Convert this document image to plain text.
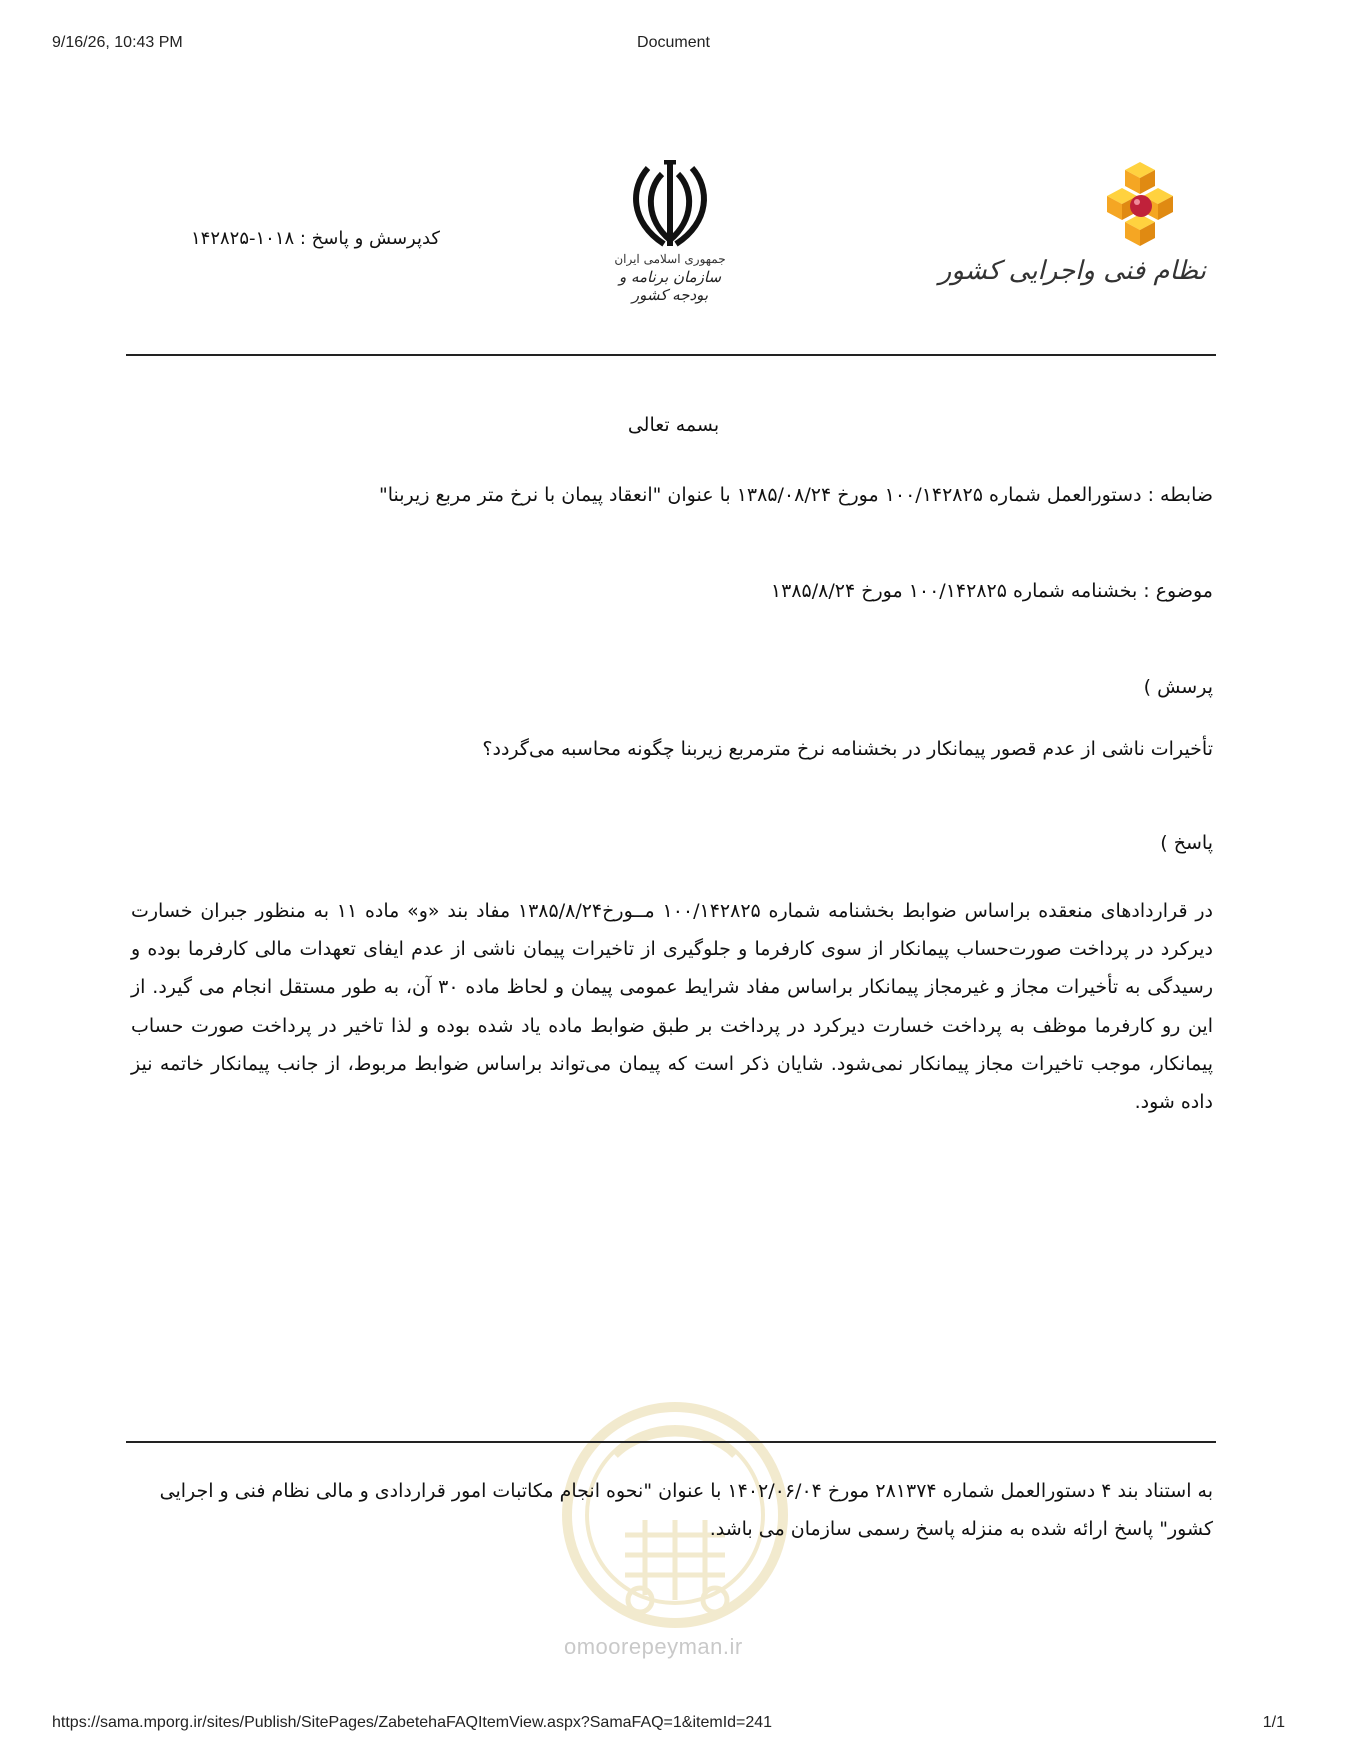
9/16/26, 10:43 PM	Document
نظام فنی واجرایی کشور
جمهوری اسلامی ایران
سازمان برنامه و بودجه کشور
کدپرسش و پاسخ : ۱۰۱۸-۱۴۲۸۲۵
بسمه تعالی
ضابطه : دستورالعمل شماره ۱۰۰/۱۴۲۸۲۵ مورخ ۱۳۸۵/۰۸/۲۴ با عنوان "انعقاد پیمان با نرخ متر مربع زیربنا"
موضوع : بخشنامه شماره ۱۰۰/۱۴۲۸۲۵ مورخ ۱۳۸۵/۸/۲۴
پرسش )
تأخیرات ناشی از عدم قصور پیمانکار در بخشنامه نرخ مترمربع زیربنا چگونه محاسبه می‌گردد؟
پاسخ )
در قراردادهای منعقده براساس ضوابط بخشنامه شماره ۱۰۰/۱۴۲۸۲۵ مــورخ۱۳۸۵/۸/۲۴ مفاد بند «و» ماده ۱۱ به منظور جبران خسارت دیرکرد در پرداخت صورت‌حساب پیمانکار از سوی کارفرما و جلوگیری از تاخیرات پیمان ناشی از عدم ایفای تعهدات مالی کارفرما بوده و رسیدگی به تأخیرات مجاز و غیرمجاز پیمانکار براساس مفاد شرایط عمومی پیمان و لحاظ ماده ۳۰ آن، به طور مستقل انجام می گیرد. از این رو کارفرما موظف به پرداخت خسارت دیرکرد در پرداخت بر طبق ضوابط ماده یاد شده بوده و لذا تاخیر در پرداخت صورت حساب پیمانکار، موجب تاخیرات مجاز پیمانکار نمی‌شود. شایان ذکر است که پیمان می‌تواند براساس ضوابط مربوط، از جانب پیمانکار خاتمه نیز داده شود.
omoorepeyman.ir
به استناد بند ۴ دستورالعمل شماره ۲۸۱۳۷۴ مورخ ۱۴۰۲/۰۶/۰۴ با عنوان "نحوه انجام مکاتبات امور قراردادی و مالی نظام فنی و اجرایی کشور" پاسخ ارائه شده به منزله پاسخ رسمی سازمان می باشد.
https://sama.mporg.ir/sites/Publish/SitePages/ZabetehaFAQItemView.aspx?SamaFAQ=1&itemId=241	1/1
